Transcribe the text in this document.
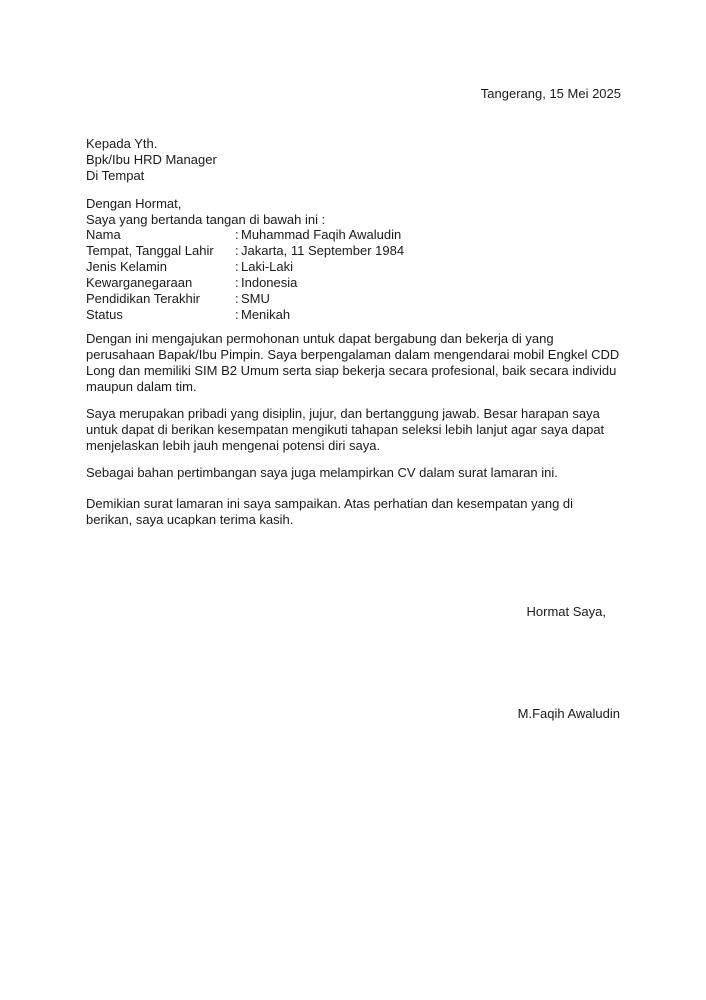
Tangerang, 15 Mei 2025
Kepada Yth.
Bpk/Ibu HRD Manager
Di Tempat
Dengan Hormat,
Saya yang bertanda tangan di bawah ini :
Nama	: Muhammad Faqih Awaludin
Tempat, Tanggal Lahir	: Jakarta, 11 September 1984
Jenis Kelamin	: Laki-Laki
Kewarganegaraan	: Indonesia
Pendidikan Terakhir	: SMU
Status	: Menikah

Dengan ini mengajukan permohonan untuk dapat bergabung dan bekerja di yang
perusahaan Bapak/Ibu Pimpin. Saya berpengalaman dalam mengendarai mobil Engkel CDD
Long dan memiliki SIM B2 Umum serta siap bekerja secara profesional, baik secara individu
maupun dalam tim.

Saya merupakan pribadi yang disiplin, jujur, dan bertanggung jawab. Besar harapan saya
untuk dapat di berikan kesempatan mengikuti tahapan seleksi lebih lanjut agar saya dapat
menjelaskan lebih jauh mengenai potensi diri saya.

Sebagai bahan pertimbangan saya juga melampirkan CV dalam surat lamaran ini.

Demikian surat lamaran ini saya sampaikan. Atas perhatian dan kesempatan yang di
berikan, saya ucapkan terima kasih.

Hormat Saya,
M.Faqih Awaludin
